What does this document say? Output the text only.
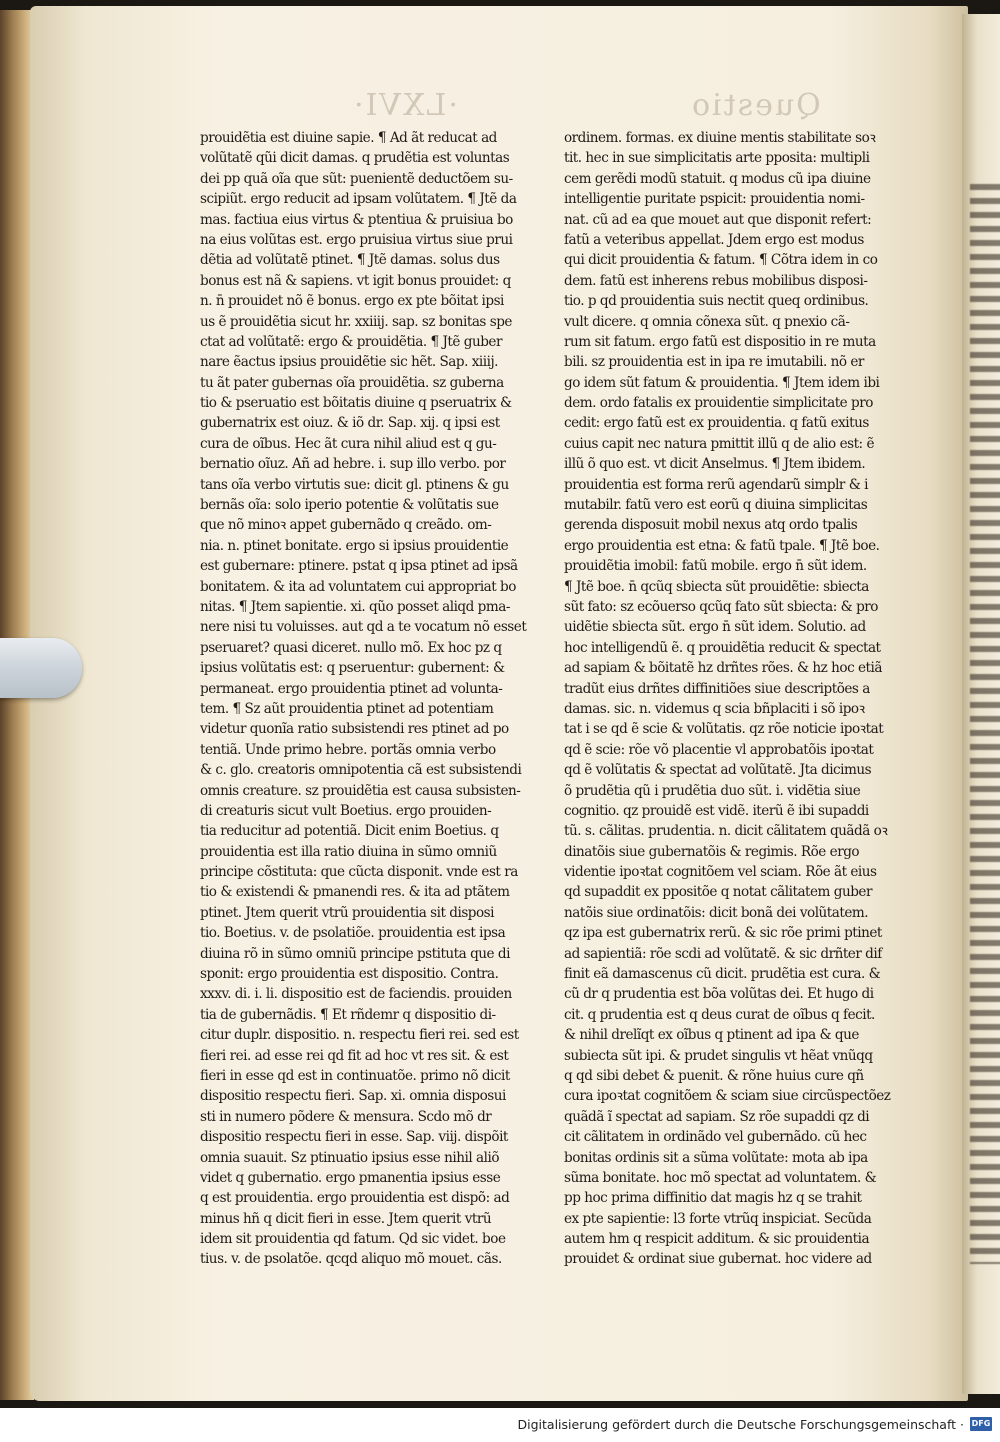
·LXVI·	Questio
prouidẽtia est diuine sapie. ¶ Ad ãt reducat ad
volũtatẽ qũi dicit damas. q prudẽtia est voluntas
dei pp quã oĩa que sũt: puenientẽ deductõem su-
scipiũt. ergo reducit ad ipsam volũtatem. ¶ Jtẽ da
mas. factiua eius virtus & ptentiua & pruisiua bo
na eius volũtas est. ergo pruisiua virtus siue prui
dẽtia ad volũtatẽ ptinet. ¶ Jtẽ damas. solus dus
bonus est nã & sapiens. vt igit bonus prouidet: q
n. n̄ prouidet nõ ẽ bonus. ergo ex pte bõitat ipsi
us ẽ prouidẽtia sicut hr. xxiiij. sap. sz bonitas spe
ctat ad volũtatẽ: ergo & prouidẽtia. ¶ Jtẽ guber
nare ẽactus ipsius prouidẽtie sic hẽt. Sap. xiiij.
tu ãt pater gubernas oĩa prouidẽtia. sz guberna
tio & pseruatio est bõitatis diuine q pseruatrix &
gubernatrix est oiuz. & iõ dr. Sap. xij. q ipsi est
cura de oĩbus. Hec ãt cura nihil aliud est q gu-
bernatio oĩuz. Añ ad hebre. i. sup illo verbo. por
tans oĩa verbo virtutis sue: dicit gl. ptinens & gu
bernãs oĩa: solo iperio potentie & volũtatis sue
que nõ minoꝛ appet gubernãdo q creãdo. om-
nia. n. ptinet bonitate. ergo si ipsius prouidentie
est gubernare: ptinere. pstat q ipsa ptinet ad ipsã
bonitatem. & ita ad voluntatem cui appropriat bo
nitas. ¶ Jtem sapientie. xi. qũo posset aliqd pma-
nere nisi tu voluisses. aut qd a te vocatum nõ esset
pseruaret? quasi diceret. nullo mõ. Ex hoc pz q
ipsius volũtatis est: q pseruentur: gubernent: &
permaneat. ergo prouidentia ptinet ad volunta-
tem. ¶ Sz aũt prouidentia ptinet ad potentiam
videtur quonĩa ratio subsistendi res ptinet ad po
tentiã. Unde primo hebre. portãs omnia verbo
& c. glo. creatoris omnipotentia cã est subsistendi
omnis creature. sz prouidẽtia est causa subsisten-
di creaturis sicut vult Boetius. ergo prouiden-
tia reducitur ad potentiã. Dicit enim Boetius. q
prouidentia est illa ratio diuina in sũmo omniũ
principe cõstituta: que cũcta disponit. vnde est ra
tio & existendi & pmanendi res. & ita ad ptãtem
ptinet. Jtem querit vtrũ prouidentia sit disposi
tio. Boetius. v. de psolatiõe. prouidentia est ipsa
diuina rõ in sũmo omniũ principe pstituta que di
sponit: ergo prouidentia est dispositio. Contra.
xxxv. di. i. li. dispositio est de faciendis. prouiden
tia de gubernãdis. ¶ Et rñdemr q dispositio di-
citur duplr. dispositio. n. respectu fieri rei. sed est
fieri rei. ad esse rei qd fit ad hoc vt res sit. & est
fieri in esse qd est in continuatõe. primo nõ dicit
dispositio respectu fieri. Sap. xi. omnia disposui
sti in numero põdere & mensura. Scdo mõ dr
dispositio respectu fieri in esse. Sap. viij. dispõit
omnia suauit. Sz ptinuatio ipsius esse nihil aliõ
videt q gubernatio. ergo pmanentia ipsius esse
q est prouidentia. ergo prouidentia est dispõ: ad
minus hñ q dicit fieri in esse. Jtem querit vtrũ
idem sit prouidentia qd fatum. Qd sic videt. boe
tius. v. de psolatõe. qcqd aliquo mõ mouet. cãs.
ordinem. formas. ex diuine mentis stabilitate soꝛ
tit. hec in sue simplicitatis arte pposita: multipli
cem gerẽdi modũ statuit. q modus cũ ipa diuine
intelligentie puritate pspicit: prouidentia nomi-
nat. cũ ad ea que mouet aut que disponit refert:
fatũ a veteribus appellat. Jdem ergo est modus
qui dicit prouidentia & fatum. ¶ Cõtra idem in co
dem. fatũ est inherens rebus mobilibus disposi-
tio. p qd prouidentia suis nectit queq ordinibus.
vult dicere. q omnia cõnexa sũt. q pnexio cã-
rum sit fatum. ergo fatũ est dispositio in re muta
bili. sz prouidentia est in ipa re imutabili. nõ er
go idem sũt fatum & prouidentia. ¶ Jtem idem ibi
dem. ordo fatalis ex prouidentie simplicitate pro
cedit: ergo fatũ est ex prouidentia. q fatũ exitus
cuius capit nec natura pmittit illũ q de alio est: ẽ
illũ õ quo est. vt dicit Anselmus. ¶ Jtem ibidem.
prouidentia est forma rerũ agendarũ simplr & i
mutabilr. fatũ vero est eorũ q diuina simplicitas
gerenda disposuit mobil nexus atq ordo tpalis
ergo prouidentia est etna: & fatũ tpale. ¶ Jtẽ boe.
prouidẽtia imobil: fatũ mobile. ergo n̄ sũt idem.
¶ Jtẽ boe. n̄ qcũq sbiecta sũt prouidẽtie: sbiecta
sũt fato: sz ecõuerso qcũq fato sũt sbiecta: & pro
uidẽtie sbiecta sũt. ergo n̄ sũt idem. Solutio. ad
hoc intelligendũ ẽ. q prouidẽtia reducit & spectat
ad sapiam & bõitatẽ hz drñtes rões. & hz hoc etiã
tradũt eius drñtes diffinitiões siue descriptões a
damas. sic. n. videmus q scia bñplaciti i sõ ipoꝛ
tat i se qd ẽ scie & volũtatis. qz rõe noticie ipoꝛtat
qd ẽ scie: rõe võ placentie vl approbatõis ipoꝛtat
qd ẽ volũtatis & spectat ad volũtatẽ. Jta dicimus
õ prudẽtia qũ i prudẽtia duo sũt. i. vidẽtia siue
cognitio. qz prouidẽ est vidẽ. iterũ ẽ ibi supaddi
tũ. s. cãlitas. prudentia. n. dicit cãlitatem quãdã oꝛ
dinatõis siue gubernatõis & regimis. Rõe ergo
videntie ipoꝛtat cognitõem vel sciam. Rõe ãt eius
qd supaddit ex ppositõe q notat cãlitatem guber
natõis siue ordinatõis: dicit bonã dei volũtatem.
qz ipa est gubernatrix rerũ. & sic rõe primi ptinet
ad sapientiã: rõe scdi ad volũtatẽ. & sic drñter dif
finit eã damascenus cũ dicit. prudẽtia est cura. &
cũ dr q prudentia est bõa volũtas dei. Et hugo di
cit. q prudentia est q deus curat de oĩbus q fecit.
& nihil drelĩqt ex oĩbus q ptinent ad ipa & que
subiecta sũt ipi. & prudet singulis vt hẽat vnũqq
q qd sibi debet & puenit. & rõne huius cure qñ
cura ipoꝛtat cognitõem & sciam siue circũspectõez
quãdã ĩ spectat ad sapiam. Sz rõe supaddi qz di
cit cãlitatem in ordinãdo vel gubernãdo. cũ hec
bonitas ordinis sit a sũma volũtate: mota ab ipa
sũma bonitate. hoc mõ spectat ad voluntatem. &
pp hoc prima diffinitio dat magis hz q se trahit
ex pte sapientie: l3 forte vtrũq inspiciat. Secũda
autem hm q respicit additum. & sic prouidentia
prouidet & ordinat siue gubernat. hoc videre ad
Digitalisierung gefördert durch die Deutsche Forschungsgemeinschaft · DFG
